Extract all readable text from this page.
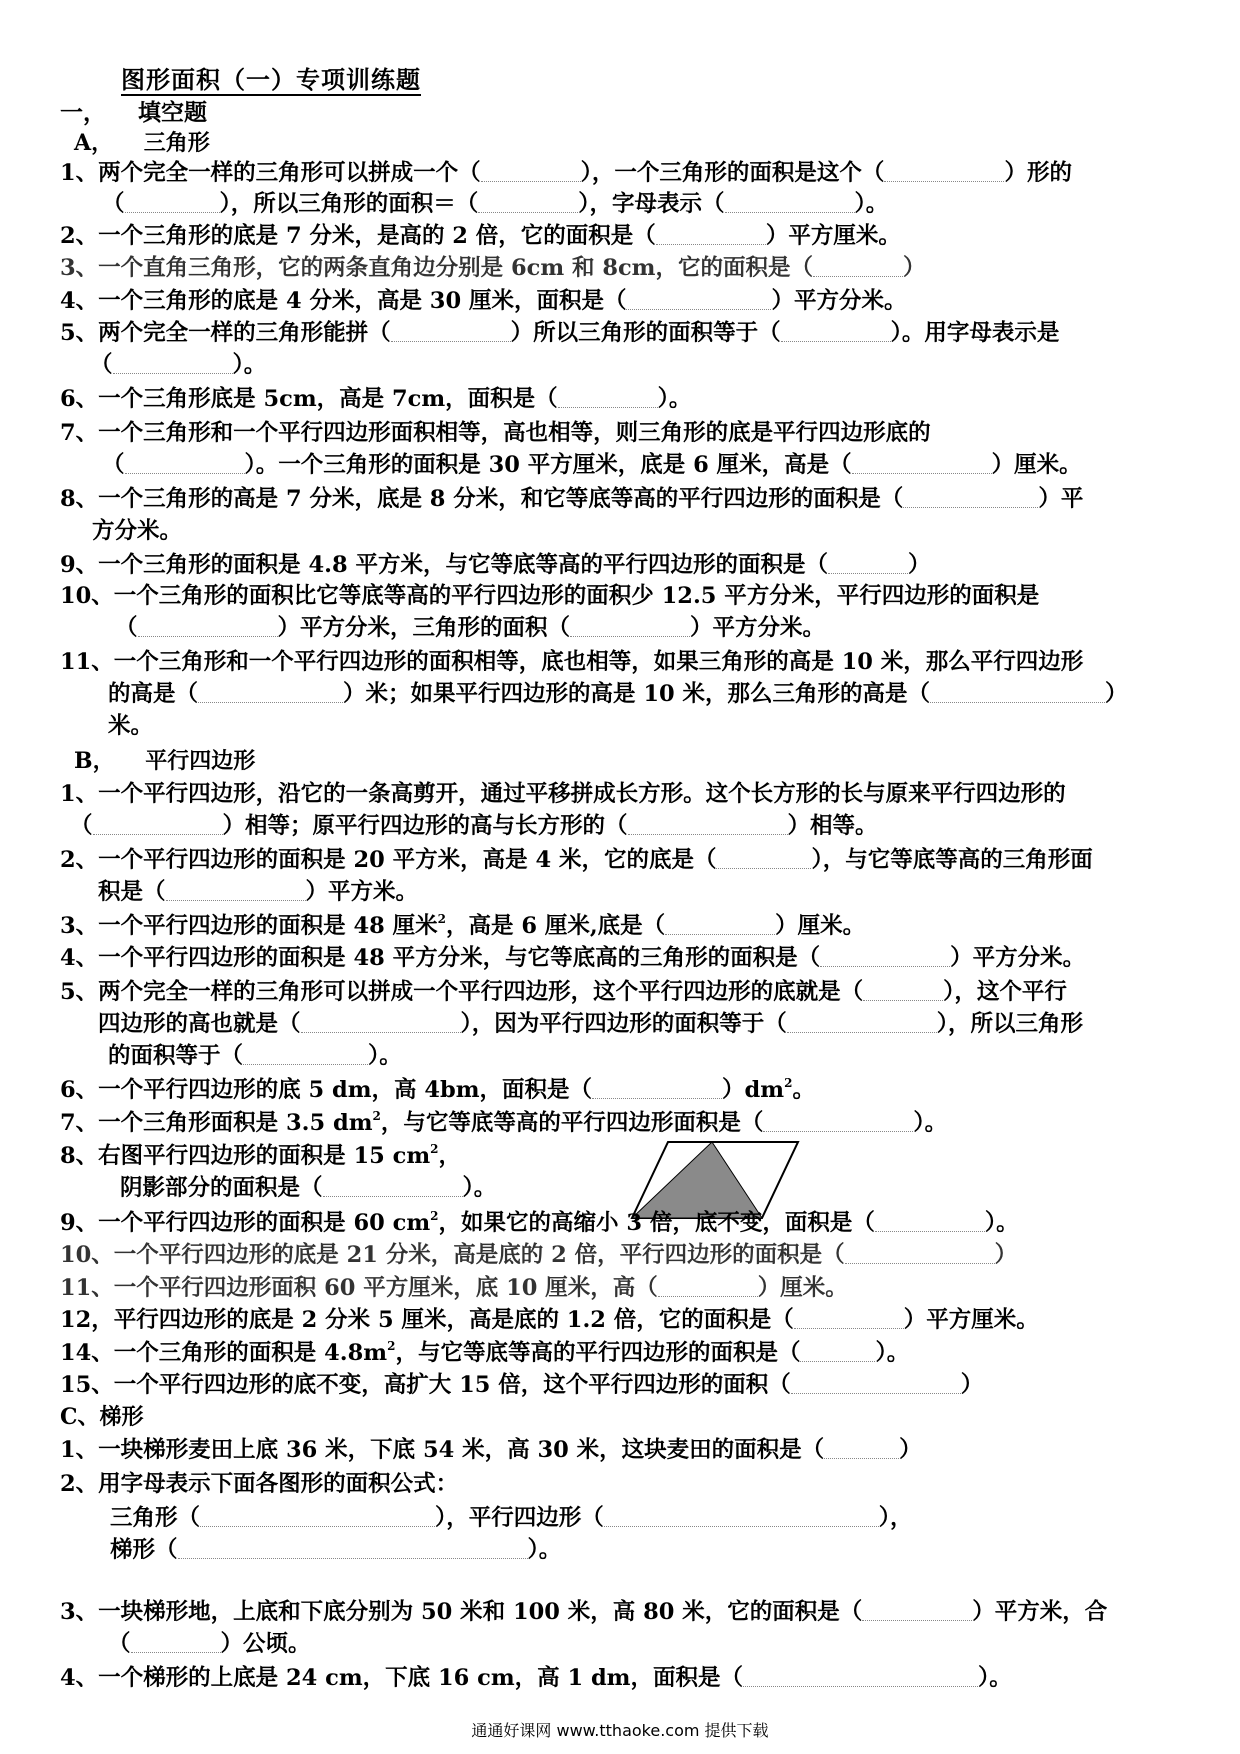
图形面积（一）专项训练题
一，    填空题
A，    三角形
1、两个完全一样的三角形可以拼成一个（	），一个三角形的面积是这个（	）形的
（	），所以三角形的面积＝（	），字母表示（	）。
2、一个三角形的底是 7 分米，是高的 2 倍，它的面积是（	）平方厘米。
3、一个直角三角形，它的两条直角边分别是 6cm 和 8cm，它的面积是（	）
4、一个三角形的底是 4 分米，高是 30 厘米，面积是（	）平方分米。
5、两个完全一样的三角形能拼（	）所以三角形的面积等于（	）。用字母表示是
（	）。
6、一个三角形底是 5cm，高是 7cm，面积是（	）。
7、一个三角形和一个平行四边形面积相等，高也相等，则三角形的底是平行四边形底的
（	）。一个三角形的面积是 30 平方厘米，底是 6 厘米，高是（	）厘米。
8、一个三角形的高是 7 分米，底是 8 分米，和它等底等高的平行四边形的面积是（	）平
方分米。
9、一个三角形的面积是 4.8 平方米，与它等底等高的平行四边形的面积是（	）
10、一个三角形的面积比它等底等高的平行四边形的面积少 12.5 平方分米，平行四边形的面积是
（	）平方分米，三角形的面积（	）平方分米。
11、一个三角形和一个平行四边形的面积相等，底也相等，如果三角形的高是 10 米，那么平行四边形
的高是（	）米；如果平行四边形的高是 10 米，那么三角形的高是（	）
米。
B，    平行四边形
1、一个平行四边形，沿它的一条高剪开，通过平移拼成长方形。这个长方形的长与原来平行四边形的
（	）相等；原平行四边形的高与长方形的（	）相等。
2、一个平行四边形的面积是 20 平方米，高是 4 米，它的底是（	），与它等底等高的三角形面
积是（	）平方米。
3、一个平行四边形的面积是 48 厘米$^2$，高是 6 厘米,底是（	）厘米。
4、一个平行四边形的面积是 48 平方分米，与它等底高的三角形的面积是（	）平方分米。
5、两个完全一样的三角形可以拼成一个平行四边形，这个平行四边形的底就是（	），这个平行
四边形的高也就是（	），因为平行四边形的面积等于（	），所以三角形
的面积等于（	）。
6、一个平行四边形的底 5 dm，高 4bm，面积是（	）$dm^2$。
7、一个三角形面积是 3.5 $dm^2$，与它等底等高的平行四边形面积是（	）。
8、右图平行四边形的面积是 15 $cm^2$，
阴影部分的面积是（	）。
9、一个平行四边形的面积是 60 $cm^2$，如果它的高缩小 3 倍，底不变，面积是（	）。
10、一个平行四边形的底是 21 分米，高是底的 2 倍，平行四边形的面积是（	）
11、一个平行四边形面积 60 平方厘米，底 10 厘米，高（	）厘米。
12，平行四边形的底是 2 分米 5 厘米，高是底的 1.2 倍，它的面积是（	）平方厘米。
14、一个三角形的面积是 $4.8m^2$，与它等底等高的平行四边形的面积是（	）。
15、一个平行四边形的底不变，高扩大 15 倍，这个平行四边形的面积（	）
C、梯形
1、一块梯形麦田上底 36 米，下底 54 米，高 30 米，这块麦田的面积是（	）
2、用字母表示下面各图形的面积公式：
三角形（	），平行四边形（	），
梯形（	）。
3、一块梯形地，上底和下底分别为 50 米和 100 米，高 80 米，它的面积是（	）平方米，合
（	）公顷。
4、一个梯形的上底是 24 cm，下底 16 cm，高 1 dm，面积是（	）。
通通好课网 www.tthaoke.com 提供下载
